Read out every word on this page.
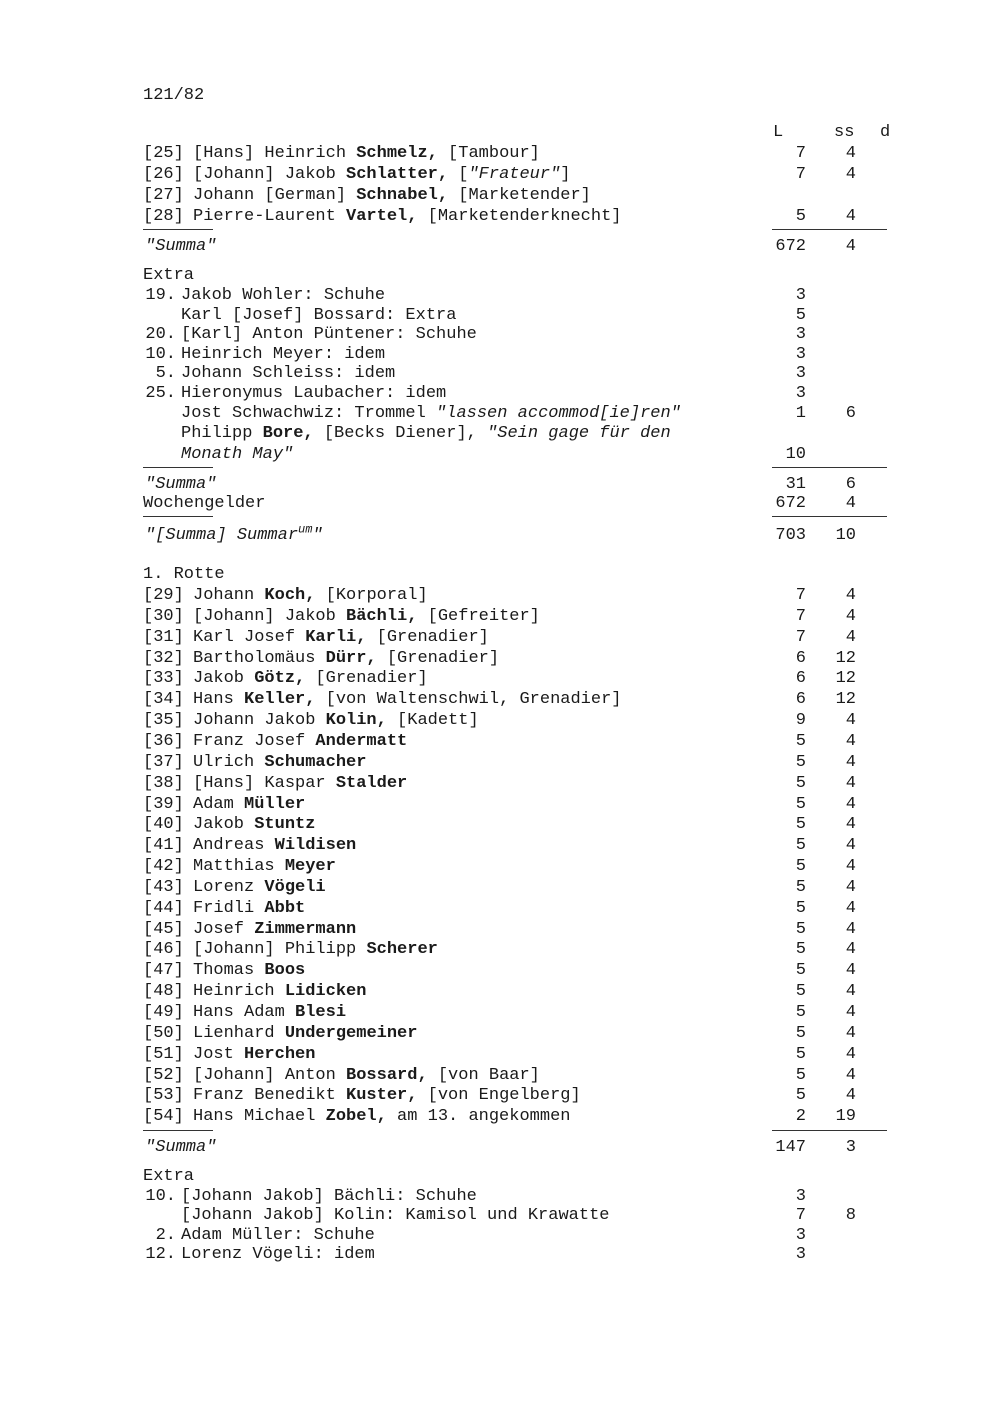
121/82
L	ss d
[25] [Hans] Heinrich Schmelz, [Tambour]	7	4
[26] [Johann] Jakob Schlatter, ["Frateur"]	7	4
[27] Johann [German] Schnabel, [Marketender]
[28] Pierre-Laurent Vartel, [Marketenderknecht]	5	4
"Summa"	672	4
Extra
19. Jakob Wohler: Schuhe	3
Karl [Josef] Bossard: Extra	5
20. [Karl] Anton Püntener: Schuhe	3
10. Heinrich Meyer: idem	3
5. Johann Schleiss: idem	3
25. Hieronymus Laubacher: idem	3
Jost Schwachwiz: Trommel "lassen accommod[ie]ren"	1	6
Philipp Bore, [Becks Diener], "Sein gage für den
Monath May"	10
"Summa"	31	6
Wochengelder	672	4
"[Summa] Summar$^{um}$"	703	10
1. Rotte
[29] Johann Koch, [Korporal]	7	4
[30] [Johann] Jakob Bächli, [Gefreiter]	7	4
[31] Karl Josef Karli, [Grenadier]	7	4
[32] Bartholomäus Dürr, [Grenadier]	6	12
[33] Jakob Götz, [Grenadier]	6	12
[34] Hans Keller, [von Waltenschwil, Grenadier]	6	12
[35] Johann Jakob Kolin, [Kadett]	9	4
[36] Franz Josef Andermatt	5	4
[37] Ulrich Schumacher	5	4
[38] [Hans] Kaspar Stalder	5	4
[39] Adam Müller	5	4
[40] Jakob Stuntz	5	4
[41] Andreas Wildisen	5	4
[42] Matthias Meyer	5	4
[43] Lorenz Vögeli	5	4
[44] Fridli Abbt	5	4
[45] Josef Zimmermann	5	4
[46] [Johann] Philipp Scherer	5	4
[47] Thomas Boos	5	4
[48] Heinrich Lidicken	5	4
[49] Hans Adam Blesi	5	4
[50] Lienhard Undergemeiner	5	4
[51] Jost Herchen	5	4
[52] [Johann] Anton Bossard, [von Baar]	5	4
[53] Franz Benedikt Kuster, [von Engelberg]	5	4
[54] Hans Michael Zobel, am 13. angekommen	2	19
"Summa"	147	3
Extra
10. [Johann Jakob] Bächli: Schuhe	3
[Johann Jakob] Kolin: Kamisol und Krawatte	7	8
2. Adam Müller: Schuhe	3
12. Lorenz Vögeli: idem	3
